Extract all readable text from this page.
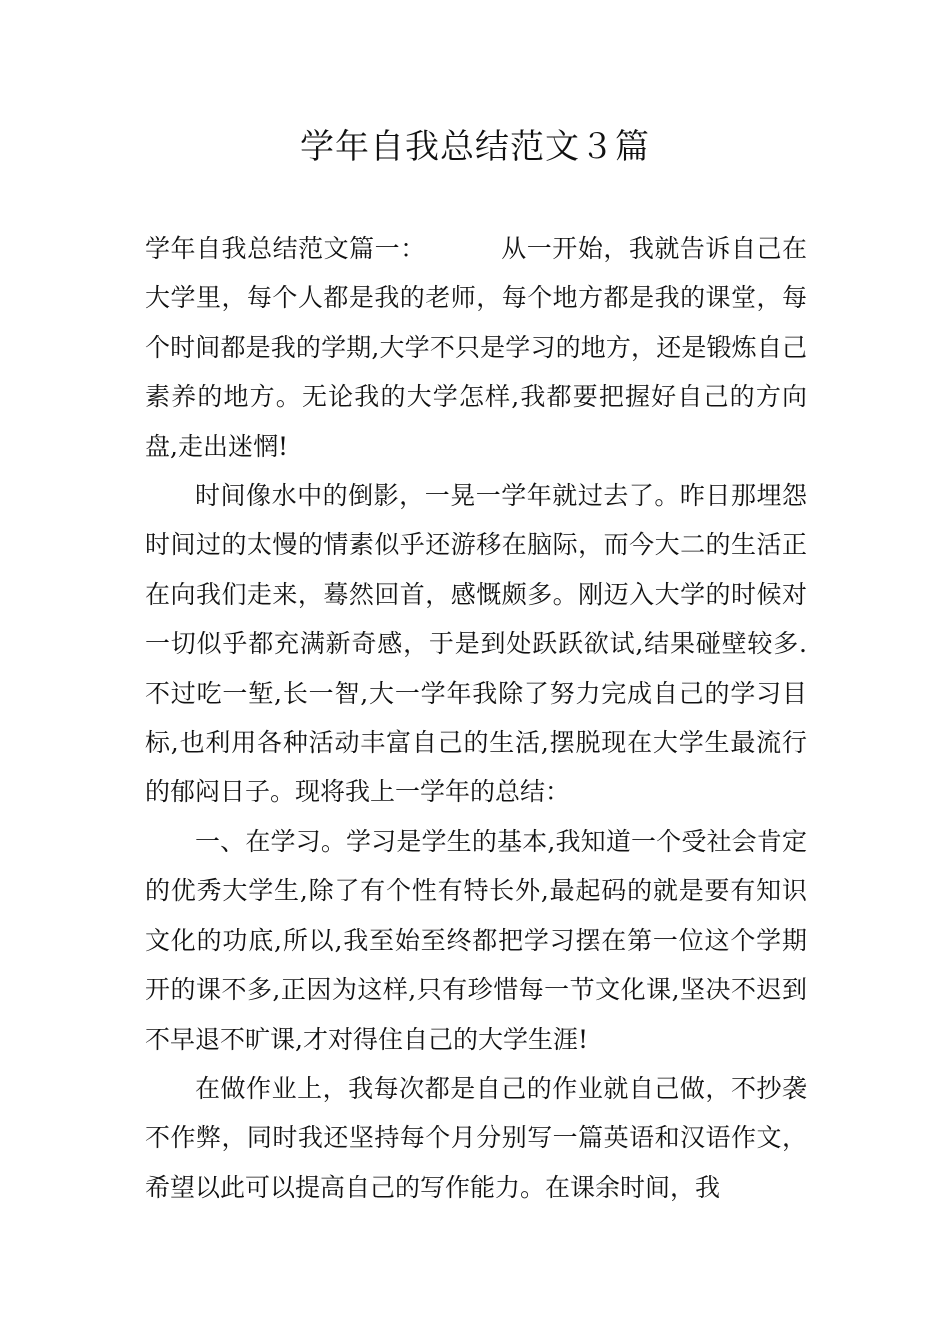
学年自我总结范文３篇

学年自我总结范文篇一：	从一开始，我就告诉自己在大学里，每个人都是我的老师，每个地方都是我的课堂，每个时间都是我的学期,大学不只是学习的地方，还是锻炼自己素养的地方。无论我的大学怎样,我都要把握好自己的方向盘,走出迷惘!

时间像水中的倒影，一晃一学年就过去了。昨日那埋怨时间过的太慢的情素似乎还游移在脑际，而今大二的生活正在向我们走来，蓦然回首，感慨颇多。刚迈入大学的时候对一切似乎都充满新奇感，于是到处跃跃欲试,结果碰壁较多.不过吃一堑,长一智,大一学年我除了努力完成自己的学习目标,也利用各种活动丰富自己的生活,摆脱现在大学生最流行的郁闷日子。现将我上一学年的总结：

一、在学习。学习是学生的基本,我知道一个受社会肯定的优秀大学生,除了有个性有特长外,最起码的就是要有知识文化的功底,所以,我至始至终都把学习摆在第一位这个学期开的课不多,正因为这样,只有珍惜每一节文化课,坚决不迟到不早退不旷课,才对得住自己的大学生涯!

在做作业上，我每次都是自己的作业就自己做，不抄袭不作弊，同时我还坚持每个月分别写一篇英语和汉语作文，希望以此可以提高自己的写作能力。在课余时间，我
